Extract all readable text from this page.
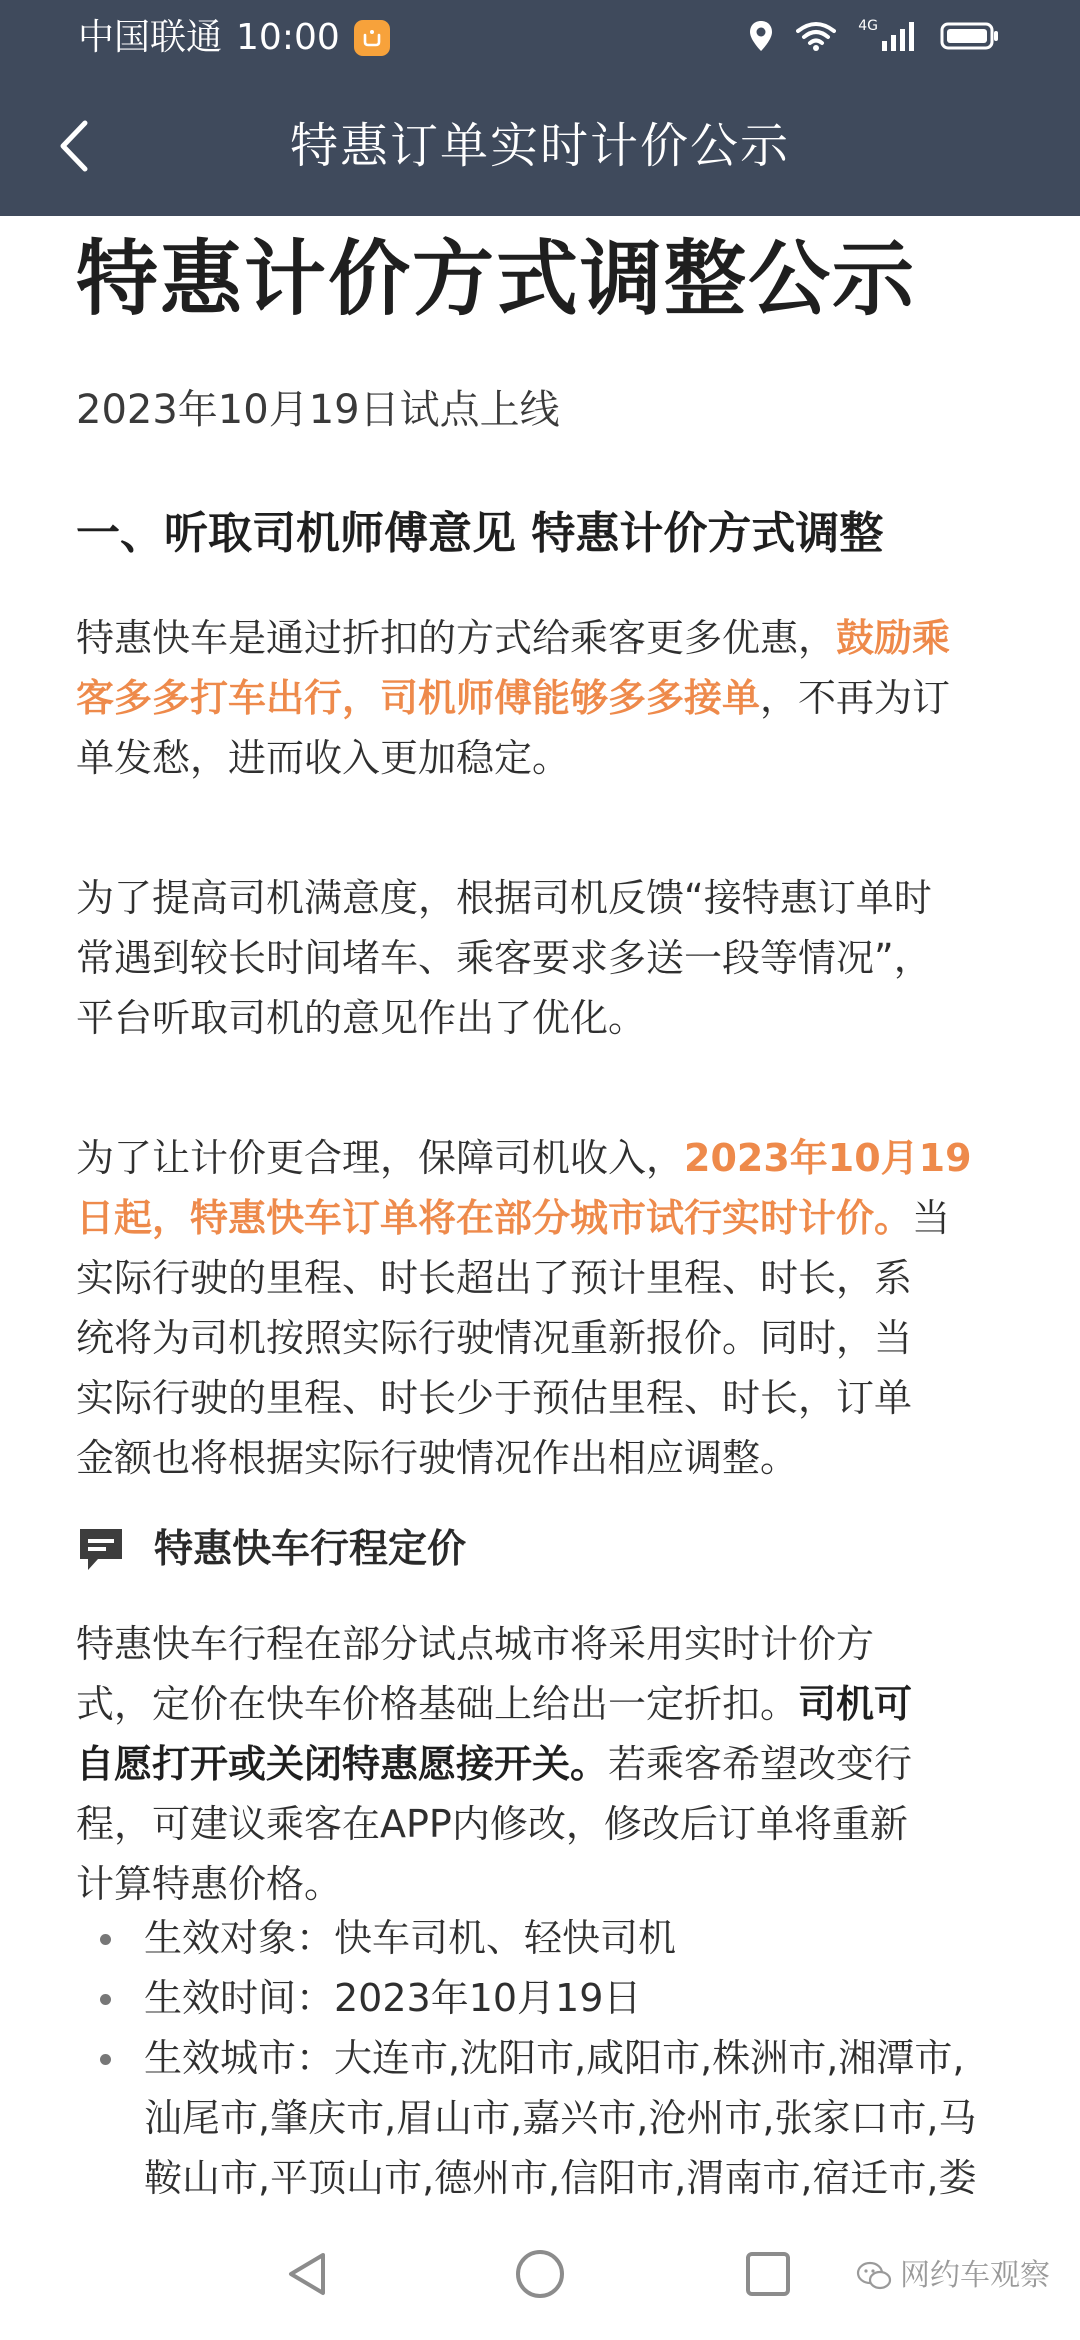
中国联通 10:00	4G
特惠订单实时计价公示
特惠计价方式调整公示
2023年10月19日试点上线
一、听取司机师傅意见 特惠计价方式调整

特惠快车是通过折扣的方式给乘客更多优惠，鼓励乘
客多多打车出行，司机师傅能够多多接单，不再为订
单发愁，进而收入更加稳定。

为了提高司机满意度，根据司机反馈“接特惠订单时
常遇到较长时间堵车、乘客要求多送一段等情况”，
平台听取司机的意见作出了优化。

为了让计价更合理，保障司机收入，2023年10月19
日起，特惠快车订单将在部分城市试行实时计价。当
实际行驶的里程、时长超出了预计里程、时长，系
统将为司机按照实际行驶情况重新报价。同时，当
实际行驶的里程、时长少于预估里程、时长，订单
金额也将根据实际行驶情况作出相应调整。

特惠快车行程定价

特惠快车行程在部分试点城市将采用实时计价方
式，定价在快车价格基础上给出一定折扣。司机可
自愿打开或关闭特惠愿接开关。若乘客希望改变行
程，可建议乘客在APP内修改，修改后订单将重新
计算特惠价格。

生效对象：快车司机、轻快司机
生效时间：2023年10月19日
生效城市：大连市,沈阳市,咸阳市,株洲市,湘潭市,
汕尾市,肇庆市,眉山市,嘉兴市,沧州市,张家口市,马
鞍山市,平顶山市,德州市,信阳市,渭南市,宿迁市,娄
网约车观察
